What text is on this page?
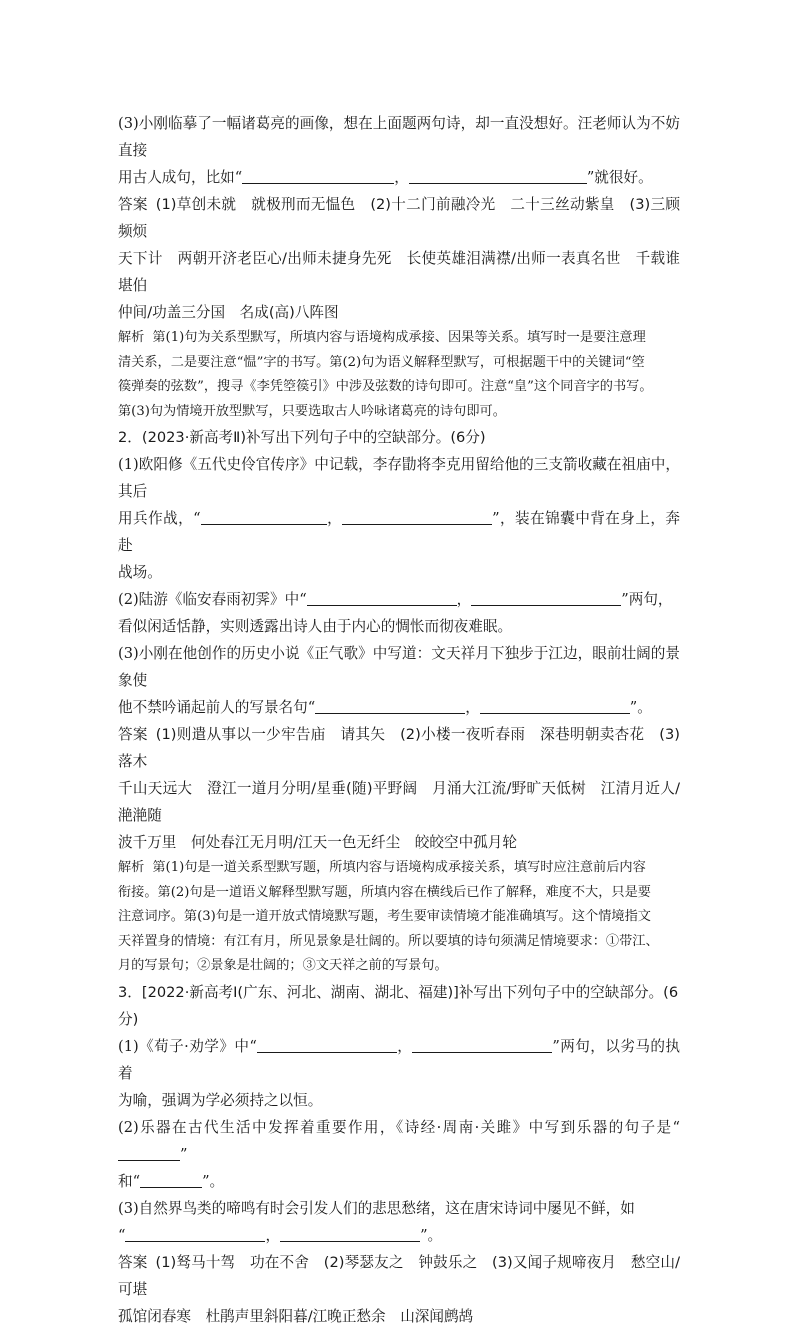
(3)小刚临摹了一幅诸葛亮的画像，想在上面题两句诗，却一直没想好。汪老师认为不妨直接

用古人成句，比如“	，	”就很好。

答案 (1)草创未就　就极刑而无愠色　(2)十二门前融冷光　二十三丝动紫皇　(3)三顾频烦

天下计　两朝开济老臣心/出师未捷身先死　长使英雄泪满襟/出师一表真名世　千载谁堪伯

仲间/功盖三分国　名成(高)八阵图

解析 第(1)句为关系型默写，所填内容与语境构成承接、因果等关系。填写时一是要注意理

清关系，二是要注意“愠”字的书写。第(2)句为语义解释型默写，可根据题干中的关键词“箜

篌弹奏的弦数”，搜寻《李凭箜篌引》中涉及弦数的诗句即可。注意“皇”这个同音字的书写。

第(3)句为情境开放型默写，只要选取古人吟咏诸葛亮的诗句即可。

2．(2023·新高考Ⅱ)补写出下列句子中的空缺部分。(6分)

(1)欧阳修《五代史伶官传序》中记载，李存勖将李克用留给他的三支箭收藏在祖庙中，其后

用兵作战，“	，	”，装在锦囊中背在身上，奔赴

战场。

(2)陆游《临安春雨初霁》中“	，	”两句，

看似闲适恬静，实则透露出诗人由于内心的惆怅而彻夜难眠。

(3)小刚在他创作的历史小说《正气歌》中写道：文天祥月下独步于江边，眼前壮阔的景象使

他不禁吟诵起前人的写景名句“	，	”。

答案 (1)则遣从事以一少牢告庙　请其矢　(2)小楼一夜听春雨　深巷明朝卖杏花　(3)落木

千山天远大　澄江一道月分明/星垂(随)平野阔　月涌大江流/野旷天低树　江清月近人/滟滟随

波千万里　何处春江无月明/江天一色无纤尘　皎皎空中孤月轮

解析 第(1)句是一道关系型默写题，所填内容与语境构成承接关系，填写时应注意前后内容

衔接。第(2)句是一道语义解释型默写题，所填内容在横线后已作了解释，难度不大，只是要

注意词序。第(3)句是一道开放式情境默写题，考生要审读情境才能准确填写。这个情境指文

天祥置身的情境：有江有月，所见景象是壮阔的。所以要填的诗句须满足情境要求：①带江、

月的写景句；②景象是壮阔的；③文天祥之前的写景句。

3．[2022·新高考Ⅰ(广东、河北、湖南、湖北、福建)]补写出下列句子中的空缺部分。(6分)

(1)《荀子·劝学》中“	，	”两句，以劣马的执着

为喻，强调为学必须持之以恒。

(2)乐器在古代生活中发挥着重要作用，《诗经·周南·关雎》中写到乐器的句子是“”

和“	”。

(3)自然界鸟类的啼鸣有时会引发人们的悲思愁绪，这在唐宋诗词中屡见不鲜，如

“	，	”。

答案 (1)驽马十驾　功在不舍　(2)琴瑟友之　钟鼓乐之　(3)又闻子规啼夜月　愁空山/可堪

孤馆闭春寒　杜鹃声里斜阳暮/江晚正愁余　山深闻鹧鸪
